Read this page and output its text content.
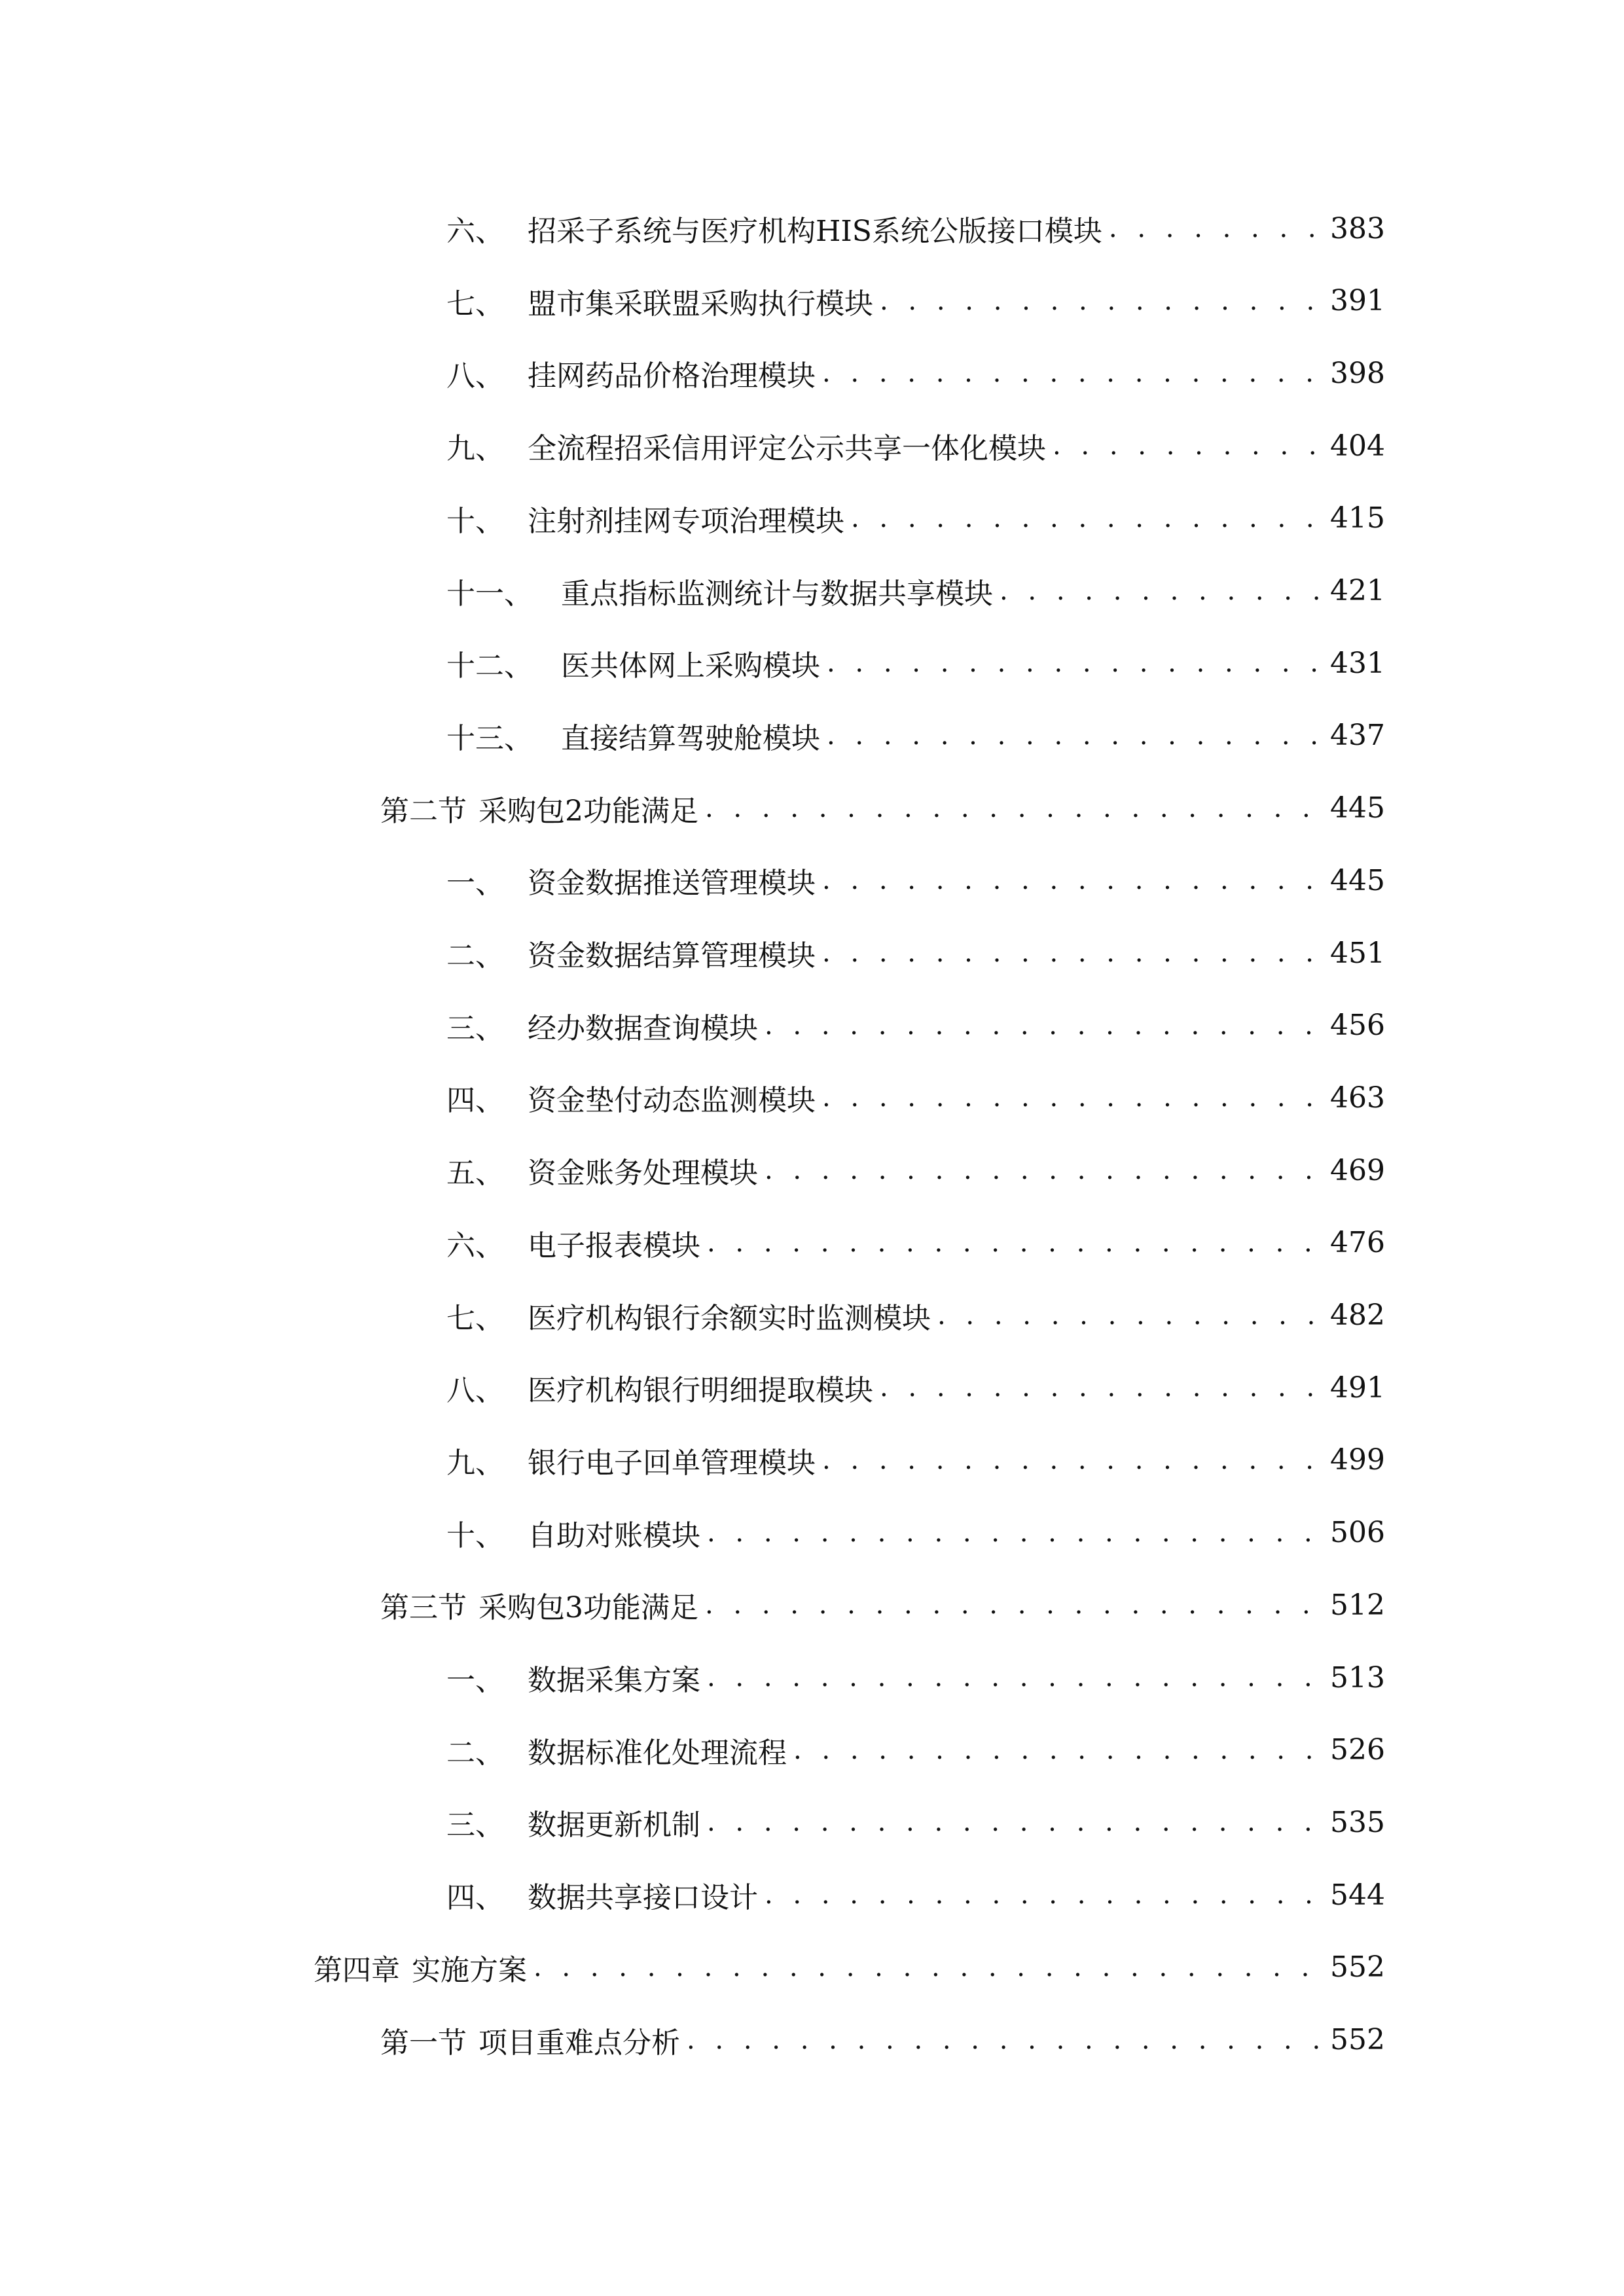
六、 招采子系统与医疗机构HIS系统公版接口模块 . . .	383
七、 盟市集采联盟采购执行模块 . . .	391
八、 挂网药品价格治理模块 . . .	398
九、 全流程招采信用评定公示共享一体化模块 . . .	404
十、 注射剂挂网专项治理模块 . . .	415
十一、 重点指标监测统计与数据共享模块 . . .	421
十二、 医共体网上采购模块 . . .	431
十三、 直接结算驾驶舱模块 . . .	437
第二节 采购包2功能满足 . . .	445
一、 资金数据推送管理模块 . . .	445
二、 资金数据结算管理模块 . . .	451
三、 经办数据查询模块 . . .	456
四、 资金垫付动态监测模块 . . .	463
五、 资金账务处理模块 . . .	469
六、 电子报表模块 . . .	476
七、 医疗机构银行余额实时监测模块 . . .	482
八、 医疗机构银行明细提取模块 . . .	491
九、 银行电子回单管理模块 . . .	499
十、 自助对账模块 . . .	506
第三节 采购包3功能满足 . . .	512
一、 数据采集方案 . . .	513
二、 数据标准化处理流程 . . .	526
三、 数据更新机制 . . .	535
四、 数据共享接口设计 . . .	544
第四章 实施方案 . . .	552
第一节 项目重难点分析 . . .	552
